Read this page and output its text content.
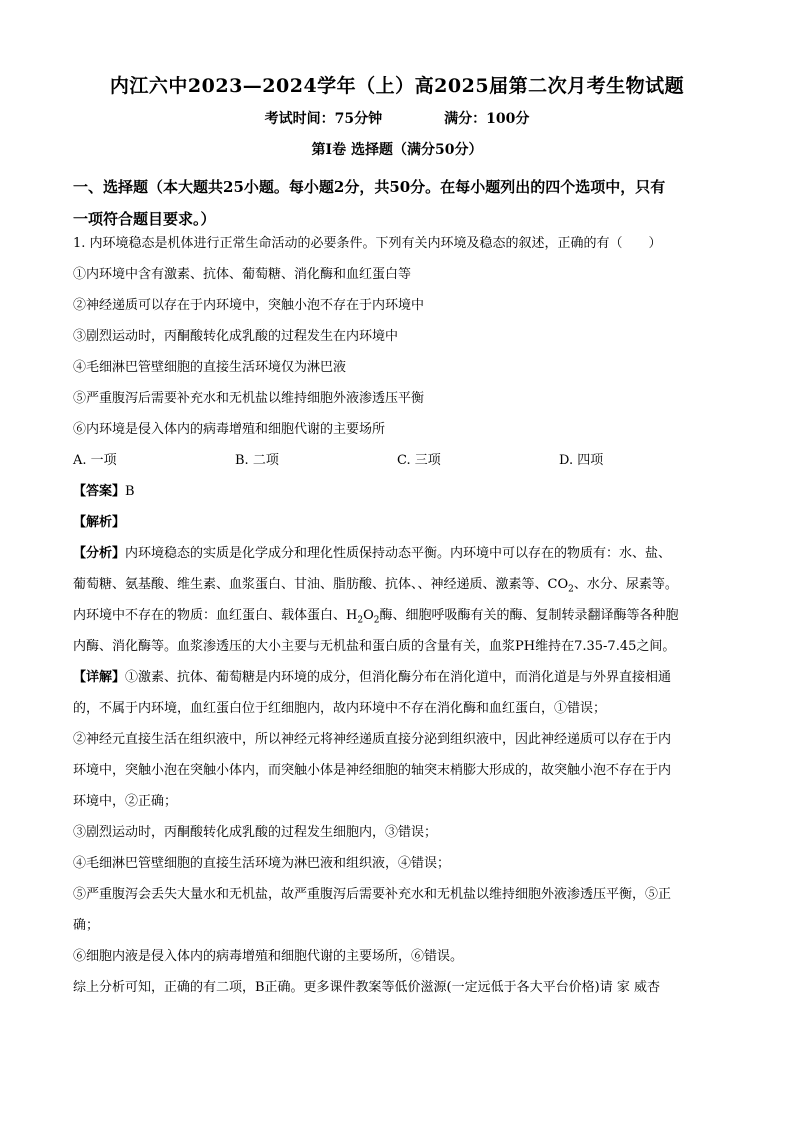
内江六中2023—2024学年（上）高2025届第二次月考生物试题
考试时间：75分钟	满分：100分
第Ⅰ卷 选择题（满分50分）
一、选择题（本大题共25小题。每小题2分，共50分。在每小题列出的四个选项中，只有
一项符合题目要求。）
1. 内环境稳态是机体进行正常生命活动的必要条件。下列有关内环境及稳态的叙述，正确的有（　　）
①内环境中含有激素、抗体、葡萄糖、消化酶和血红蛋白等
②神经递质可以存在于内环境中，突触小泡不存在于内环境中
③剧烈运动时，丙酮酸转化成乳酸的过程发生在内环境中
④毛细淋巴管壁细胞的直接生活环境仅为淋巴液
⑤严重腹泻后需要补充水和无机盐以维持细胞外液渗透压平衡
⑥内环境是侵入体内的病毒增殖和细胞代谢的主要场所
A. 一项	B. 二项	C. 三项	D. 四项
【答案】B
【解析】
【分析】内环境稳态的实质是化学成分和理化性质保持动态平衡。内环境中可以存在的物质有：水、盐、
葡萄糖、氨基酸、维生素、血浆蛋白、甘油、脂肪酸、抗体、、神经递质、激素等、$CO_2$、水分、尿素等。
内环境中不存在的物质：血红蛋白、载体蛋白、$H_2O_2$酶、细胞呼吸酶有关的酶、复制转录翻译酶等各种胞
内酶、消化酶等。血浆渗透压的大小主要与无机盐和蛋白质的含量有关，血浆PH维持在7.35-7.45之间。
【详解】①激素、抗体、葡萄糖是内环境的成分，但消化酶分布在消化道中，而消化道是与外界直接相通
的，不属于内环境，血红蛋白位于红细胞内，故内环境中不存在消化酶和血红蛋白，①错误；
②神经元直接生活在组织液中，所以神经元将神经递质直接分泌到组织液中，因此神经递质可以存在于内
环境中，突触小泡在突触小体内，而突触小体是神经细胞的轴突末梢膨大形成的，故突触小泡不存在于内
环境中，②正确；
③剧烈运动时，丙酮酸转化成乳酸的过程发生细胞内，③错误；
④毛细淋巴管壁细胞的直接生活环境为淋巴液和组织液，④错误；
⑤严重腹泻会丢失大量水和无机盐，故严重腹泻后需要补充水和无机盐以维持细胞外液渗透压平衡，⑤正
确；
⑥细胞内液是侵入体内的病毒增殖和细胞代谢的主要场所，⑥错误。
综上分析可知，正确的有二项，B正确。更多课件教案等低价滋源(一定远低于各大平台价格)请 家 威杏
